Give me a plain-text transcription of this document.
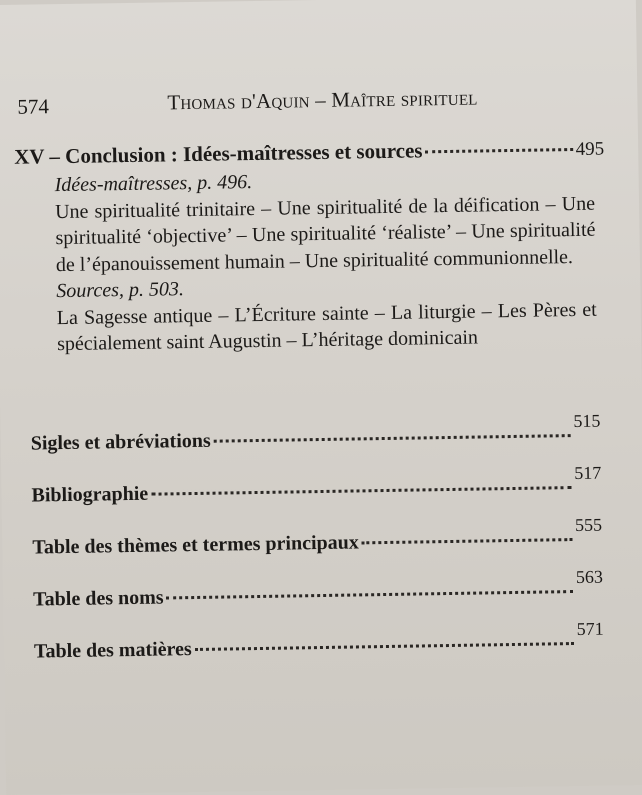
574	Thomas d'Aquin – Maître spirituel
XV – Conclusion : Idées-maîtresses et sources	495
Idées-maîtresses, p. 496.
Une spiritualité trinitaire – Une spiritualité de la déification – Une spiritualité ‘objective’ – Une spiritualité ‘réaliste’ – Une spiritualité de l’épanouissement humain – Une spiritualité communionnelle.
Sources, p. 503.
La Sagesse antique – L’Écriture sainte – La liturgie – Les Pères et spécialement saint Augustin – L’héritage dominicain
Sigles et abréviations
515
Bibliographie
517
Table des thèmes et termes principaux
555
Table des noms
563
Table des matières
571
